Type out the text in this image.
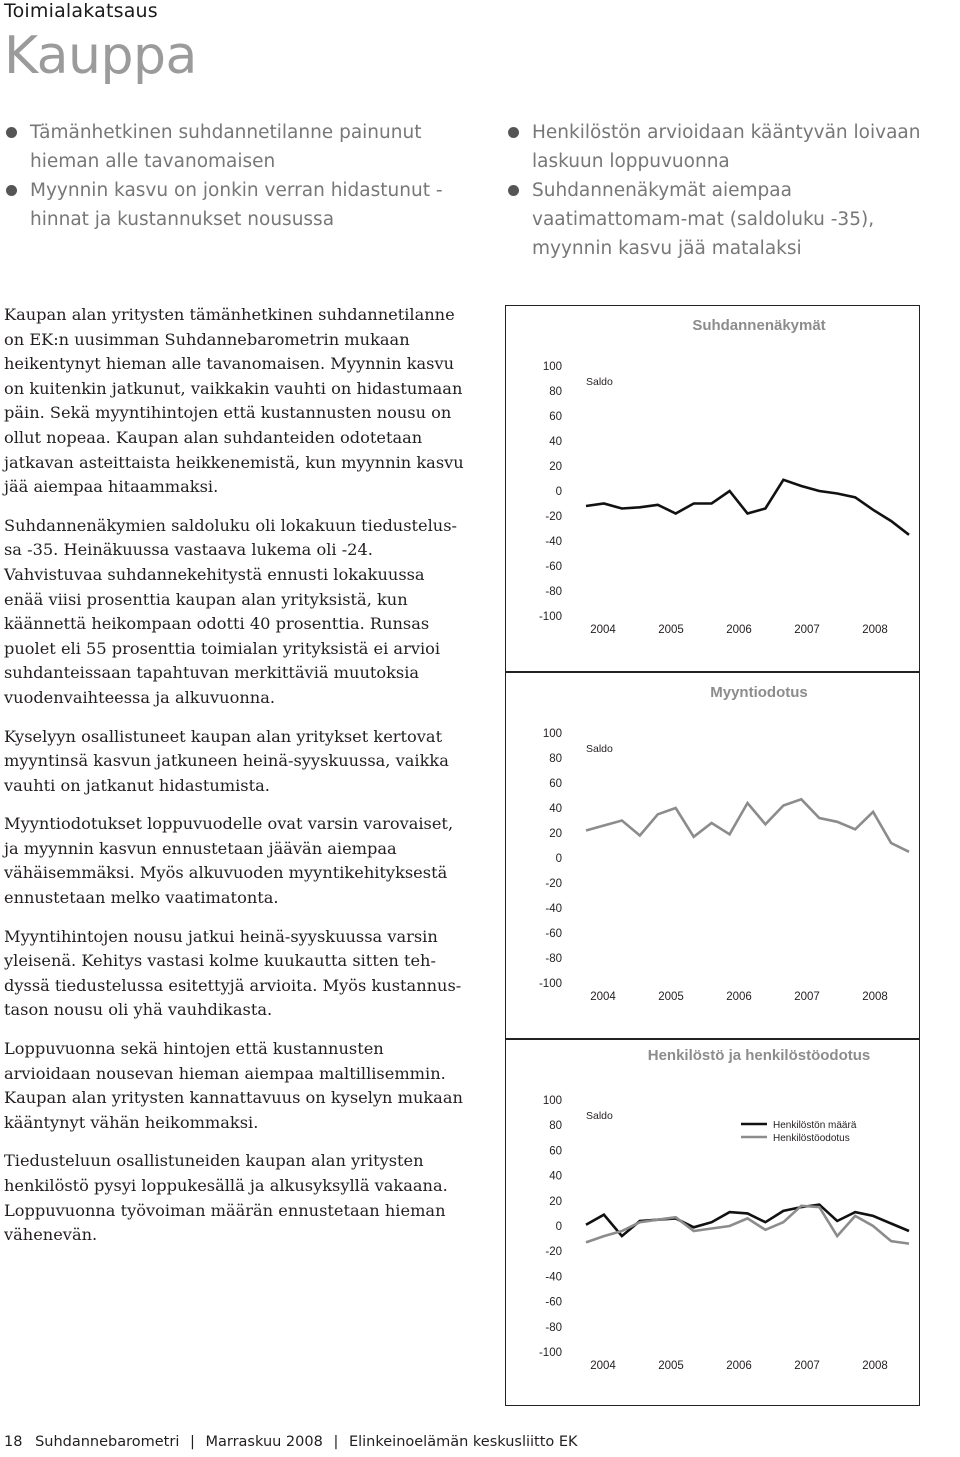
Toimialakatsaus
Kauppa
Tämänhetkinen suhdannetilanne painunut hieman alle tavanomaisen
Myynnin kasvu on jonkin verran hidastunut - hinnat ja kustannukset nousussa
Henkilöstön arvioidaan kääntyvän loivaan laskuun loppuvuonna
Suhdannenäkymät aiempaa vaatimattomam-mat (saldoluku -35), myynnin kasvu jää matalaksi

Kaupan alan yritysten tämänhetkinen suhdannetilanne on EK:n uusimman Suhdannebarometrin mukaan heikentynyt hieman alle tavanomaisen. Myynnin kasvu on kuitenkin jatkunut, vaikkakin vauhti on hidastumaan päin. Sekä myyntihintojen että kustannusten nousu on ollut nopeaa. Kaupan alan suhdanteiden odotetaan jatkavan asteittaista heikkenemistä, kun myynnin kasvu jää aiempaa hitaammaksi.

Suhdannenäkymien saldoluku oli lokakuun tiedustelus-sa -35. Heinäkuussa vastaava lukema oli -24. Vahvistuvaa suhdannekehitystä ennusti lokakuussa enää viisi prosenttia kaupan alan yrityksistä, kun käännettä heikompaan odotti 40 prosenttia. Runsas puolet eli 55 prosenttia toimialan yrityksistä ei arvioi suhdanteissaan tapahtuvan merkittäviä muutoksia vuodenvaihteessa ja alkuvuonna.

Kyselyyn osallistuneet kaupan alan yritykset kertovat myyntinsä kasvun jatkuneen heinä-syyskuussa, vaikka vauhti on jatkanut hidastumista.

Myyntiodotukset loppuvuodelle ovat varsin varovaiset, ja myynnin kasvun ennustetaan jäävän aiempaa vähäisemmäksi. Myös alkuvuoden myyntikehityksestä ennustetaan melko vaatimatonta.

Myyntihintojen nousu jatkui heinä-syyskuussa varsin yleisenä. Kehitys vastasi kolme kuukautta sitten teh-dyssä tiedustelussa esitettyjä arvioita. Myös kustannus-tason nousu oli yhä vauhdikasta.

Loppuvuonna sekä hintojen että kustannusten arvioidaan nousevan hieman aiempaa maltillisemmin. Kaupan alan yritysten kannattavuus on kyselyn mukaan kääntynyt vähän heikommaksi.

Tiedusteluun osallistuneiden kaupan alan yritysten henkilöstö pysyi loppukesällä ja alkusyksyllä vakaana. Loppuvuonna työvoiman määrän ennustetaan hieman vähenevän.

Suhdannenäkymät
100
80
60
40
20
0
-20
-40
-60
-80
-100
Saldo
2004	2005	2006	2007	2008
Myyntiodotus
100
80
60
40
20
0
-20
-40
-60
-80
-100
Saldo
2004	2005	2006	2007	2008
Henkilöstö ja henkilöstöodotus
100
80
60
40
20
0
-20
-40
-60
-80
-100
Saldo
2004	2005	2006	2007	2008
Henkilöstön määrä
Henkilöstöodotus
18 Suhdannebarometri | Marraskuu 2008 | Elinkeinoelämän keskusliitto EK
